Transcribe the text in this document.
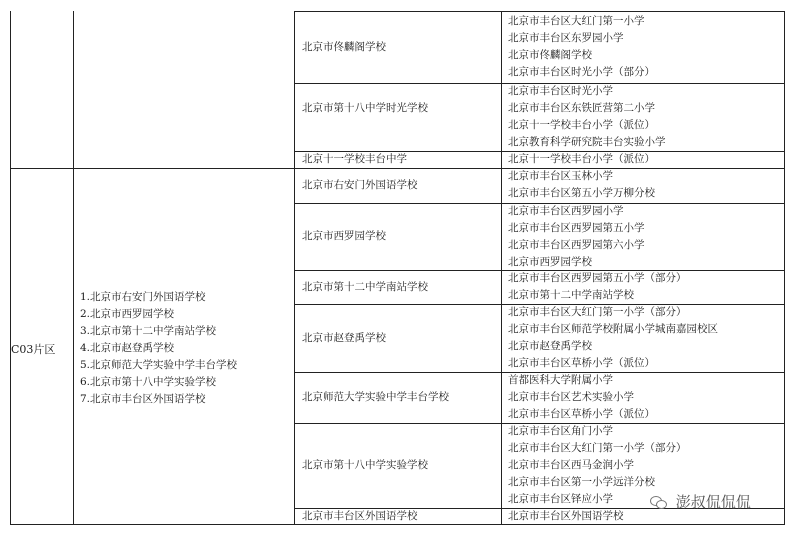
C03片区
1.北京市右安门外国语学校
2.北京市西罗园学校
3.北京市第十二中学南站学校
4.北京市赵登禹学校
5.北京师范大学实验中学丰台学校
6.北京市第十八中学实验学校
7.北京市丰台区外国语学校
北京市佟麟阁学校
北京市第十八中学时光学校
北京十一学校丰台中学
北京市右安门外国语学校
北京市西罗园学校
北京市第十二中学南站学校
北京市赵登禹学校
北京师范大学实验中学丰台学校
北京市第十八中学实验学校
北京市丰台区外国语学校
北京市丰台区大红门第一小学
北京市丰台区东罗园小学
北京市佟麟阁学校
北京市丰台区时光小学（部分）
北京市丰台区时光小学
北京市丰台区东铁匠营第二小学
北京十一学校丰台小学（派位）
北京教育科学研究院丰台实验小学
北京十一学校丰台小学（派位）
北京市丰台区玉林小学
北京市丰台区第五小学万柳分校
北京市丰台区西罗园小学
北京市丰台区西罗园第五小学
北京市丰台区西罗园第六小学
北京市西罗园学校
北京市丰台区西罗园第五小学（部分）
北京市第十二中学南站学校
北京市丰台区大红门第一小学（部分）
北京市丰台区师范学校附属小学城南嘉园校区
北京市赵登禹学校
北京市丰台区草桥小学（派位）
首都医科大学附属小学
北京市丰台区艺术实验小学
北京市丰台区草桥小学（派位）
北京市丰台区角门小学
北京市丰台区大红门第一小学（部分）
北京市丰台区西马金润小学
北京市丰台区第一小学远洋分校
北京市丰台区铎应小学
北京市丰台区外国语学校
澎叔侃侃侃
